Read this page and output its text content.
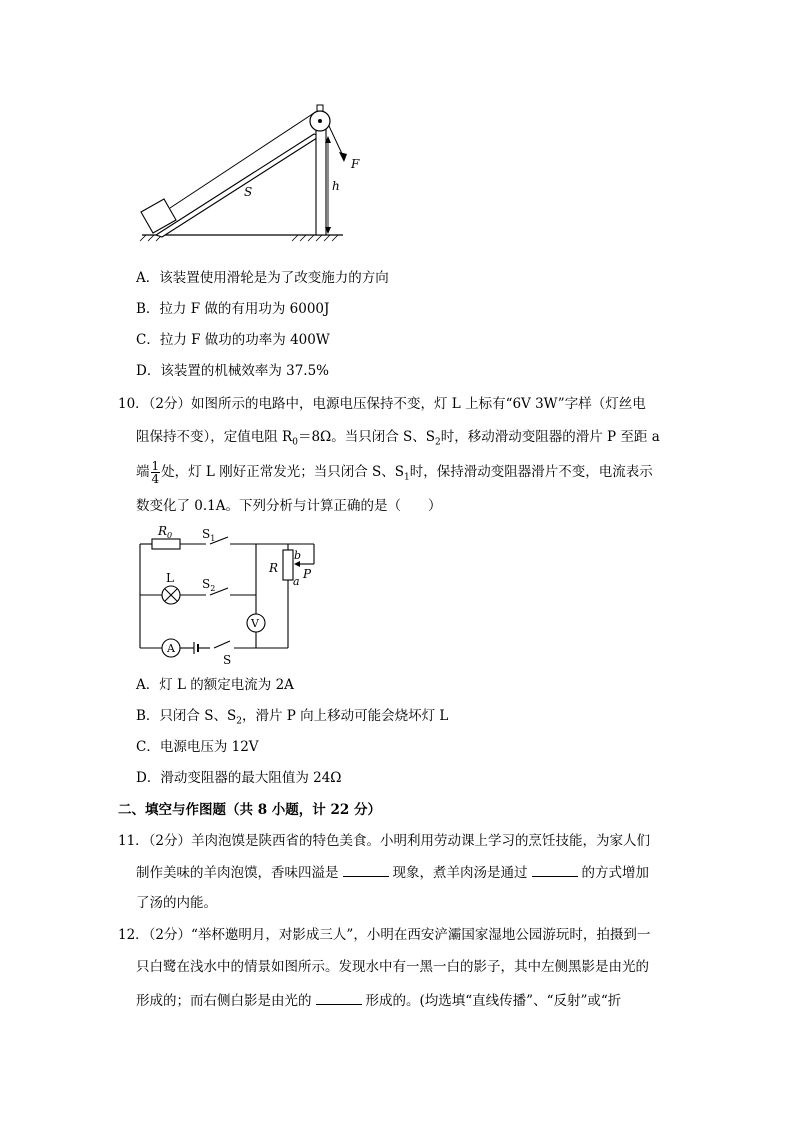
F
S	h
A．该装置使用滑轮是为了改变施力的方向
B．拉力 F 做的有用功为 6000J
C．拉力 F 做功的功率为 400W
D．该装置的机械效率为 37.5%
10．（2分）如图所示的电路中，电源电压保持不变，灯 L 上标有“6V 3W”字样（灯丝电
阻保持不变），定值电阻 $R_0=8\Omega$。当只闭合 S、$S_2$时，移动滑动变阻器的滑片 P 至距 a
端 $\frac{1}{4}$ 处，灯 L 刚好正常发光；当只闭合 S、$S_1$时，保持滑动变阻器滑片不变，电流表示
数变化了 0.1A。下列分析与计算正确的是（　　）
$R_0$ $S_1$
L $S_2$
V
A
S
R P
b
a
A．灯 L 的额定电流为 2A
B．只闭合 S、$S_2$，滑片 P 向上移动可能会烧坏灯 L
C．电源电压为 12V
D．滑动变阻器的最大阻值为 24Ω
二、填空与作图题（共 8 小题，计 22 分）
11．（2分）羊肉泡馍是陕西省的特色美食。小明利用劳动课上学习的烹饪技能，为家人们
制作美味的羊肉泡馍，香味四溢是	现象，煮羊肉汤是通过	的方式增加
了汤的内能。
12．（2分）“举杯邀明月，对影成三人”，小明在西安浐灞国家湿地公园游玩时，拍摄到一
只白鹭在浅水中的情景如图所示。发现水中有一黑一白的影子，其中左侧黑影是由光的
形成的；而右侧白影是由光的	形成的。(均选填“直线传播”、“反射”或“折
